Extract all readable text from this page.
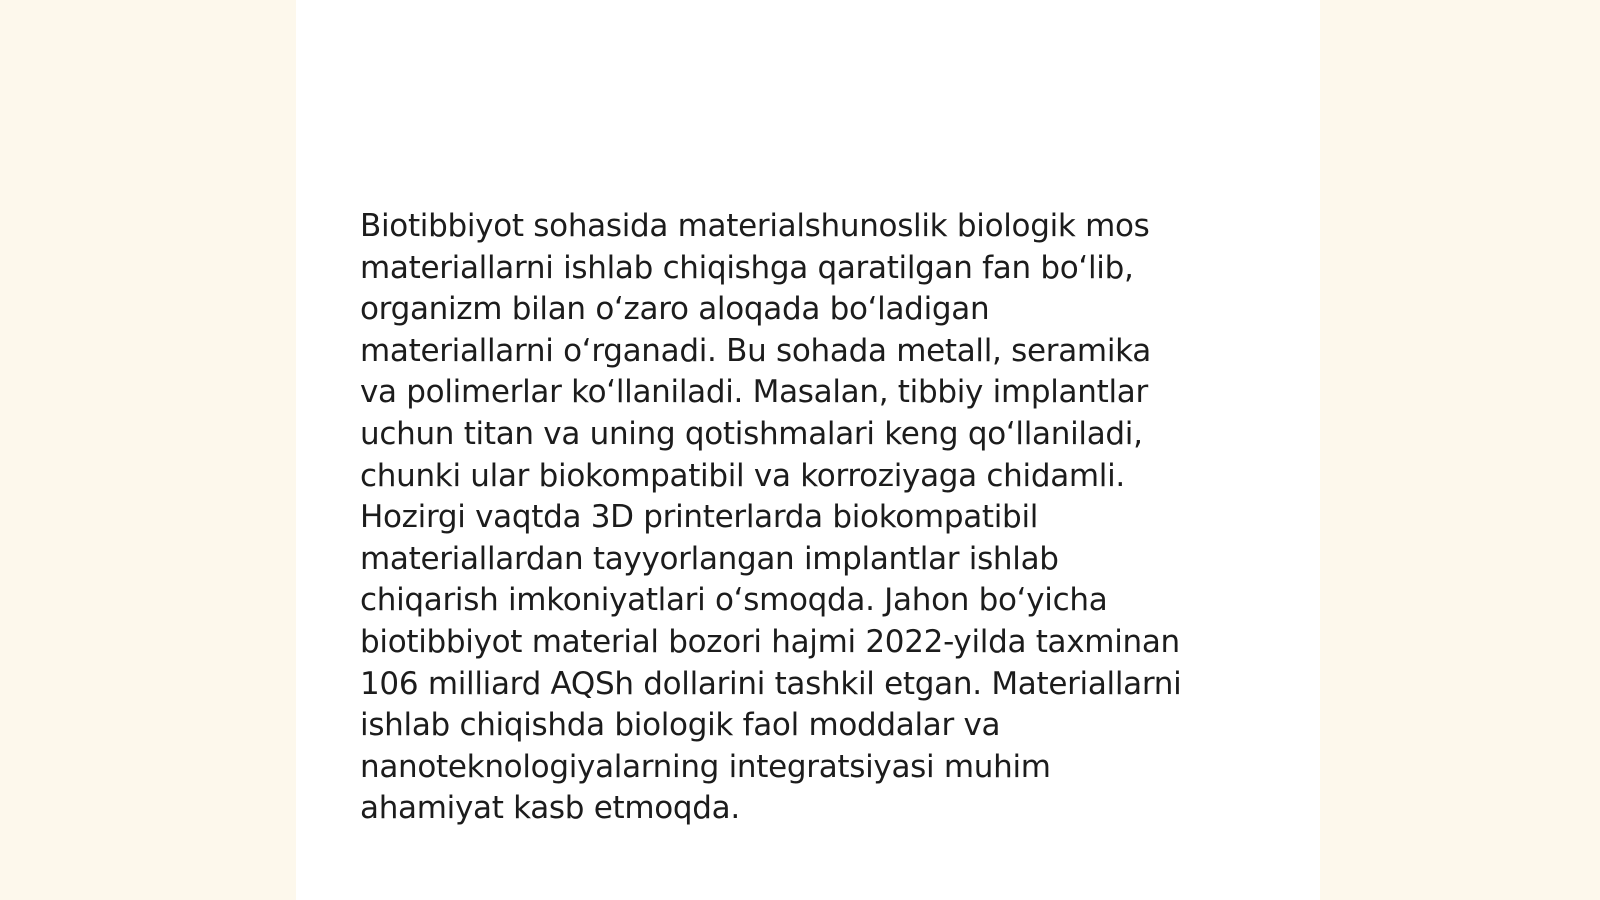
Biotibbiyot sohasida materialshunoslik biologik mos
materiallarni ishlab chiqishga qaratilgan fan boʻlib,
organizm bilan oʻzaro aloqada boʻladigan
materiallarni oʻrganadi. Bu sohada metall, seramika
va polimerlar koʻllaniladi. Masalan, tibbiy implantlar
uchun titan va uning qotishmalari keng qoʻllaniladi,
chunki ular biokompatibil va korroziyaga chidamli.
Hozirgi vaqtda 3D printerlarda biokompatibil
materiallardan tayyorlangan implantlar ishlab
chiqarish imkoniyatlari oʻsmoqda. Jahon boʻyicha
biotibbiyot material bozori hajmi 2022-yilda taxminan
106 milliard AQSh dollarini tashkil etgan. Materiallarni
ishlab chiqishda biologik faol moddalar va
nanoteknologiyalarning integratsiyasi muhim
ahamiyat kasb etmoqda.
